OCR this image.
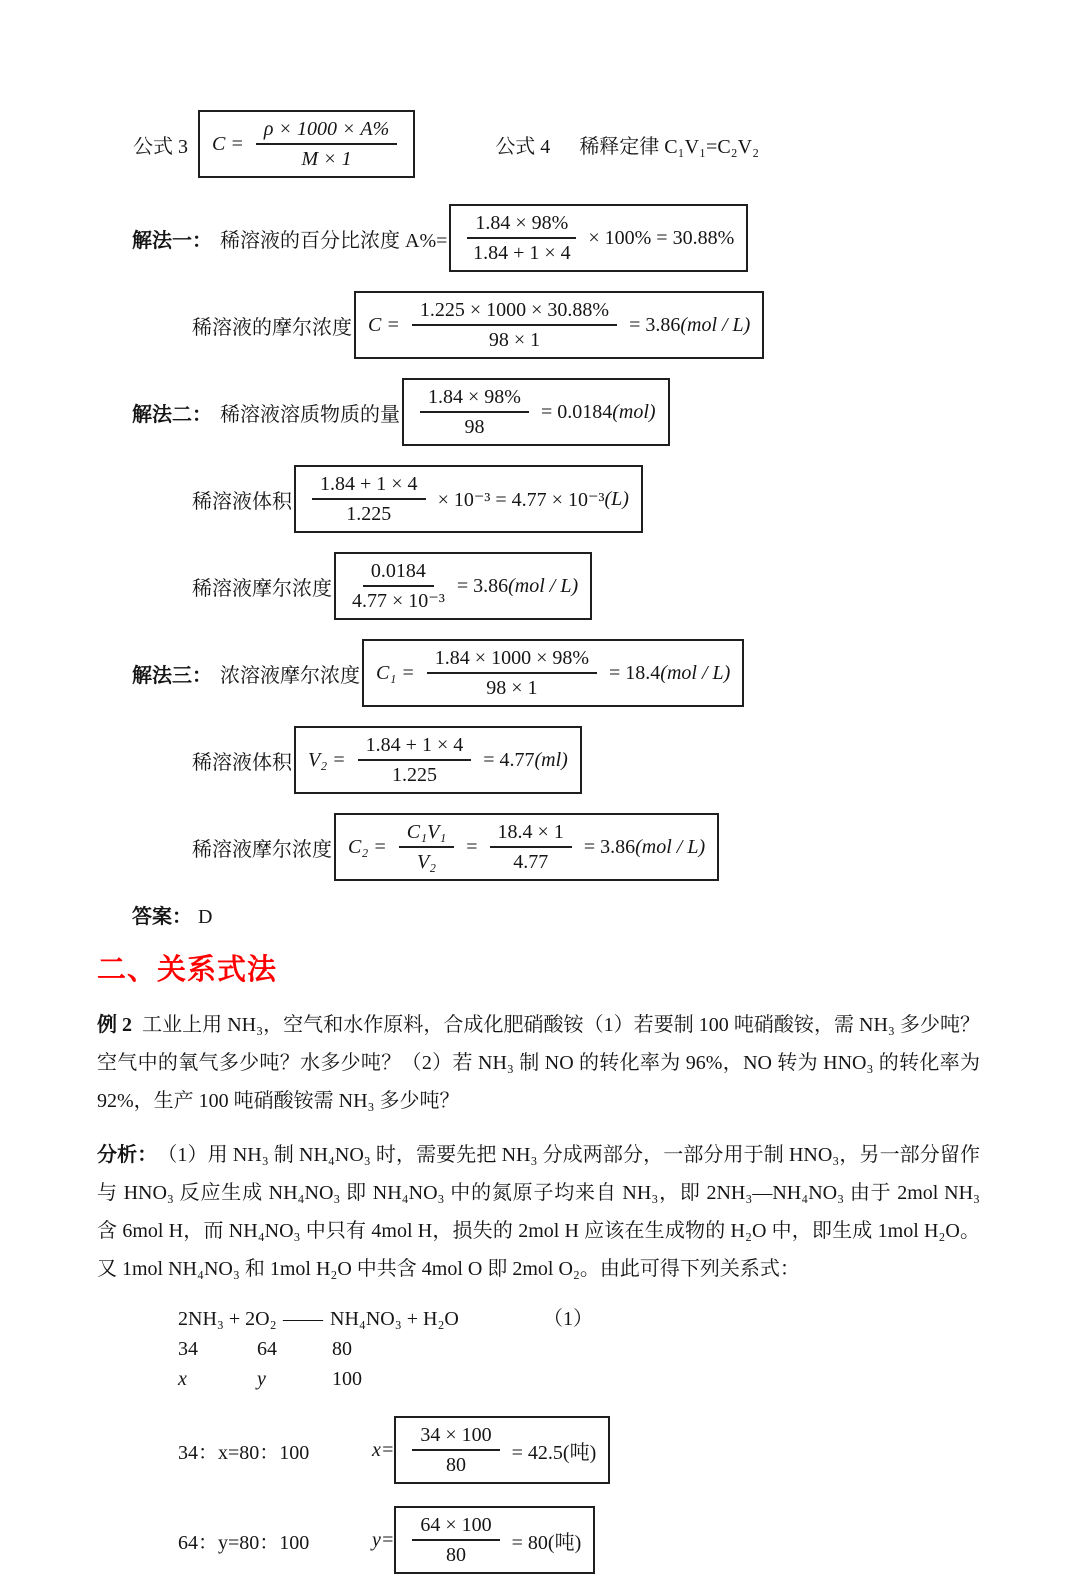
公式 3 $C = \frac{\rho \times 1000 \times A\%}{M \times 1}$	公式 4 稀释定律 C₁V₁=C₂V₂
解法一： 稀溶液的百分比浓度 $A\%= \frac{1.84 \times 98\%}{1.84 + 1 \times 4} \times 100\% = 30.88\%$
稀溶液的摩尔浓度 $C = \frac{1.225 \times 1000 \times 30.88\%}{98 \times 1} = 3.86$ (mol / L)
解法二： 稀溶液溶质物质的量 $\frac{1.84 \times 98\%}{98} = 0.0184$ (mol)
稀溶液体积 $\frac{1.84 + 1 \times 4}{1.225} \times 10^{-3} = 4.77 \times 10^{-3}$ (L)
稀溶液摩尔浓度 $\frac{0.0184}{\text{4.77 × 10⁻³}} = 3.86$ (mol / L)
解法三： 浓溶液摩尔浓度 $C_1 = \frac{1.84 \times 1000 \times 98\%}{98 \times 1} = 18.4$ (mol / L)
稀溶液体积 $V_2 = \frac{1.84 + 1 \times 4}{1.225} = 4.77$ (ml)
稀溶液摩尔浓度 $C_2 = \frac{\text{C₁V₁}}{\text{V₂}} = \frac{18.4 \times 1}{4.77} = 3.86$ (mol / L)

答案： D

二、关系式法

例 2 工业上用 NH₃，空气和水作原料，合成化肥硝酸铵（1）若要制 100 吨硝酸铵，需 NH₃ 多少吨？空气中的氧气多少吨？水多少吨？（2）若 NH₃ 制 NO 的转化率为 96%，NO 转为 HNO₃ 的转化率为 92%，生产 100 吨硝酸铵需 NH₃ 多少吨？

分析： （1）用 NH₃ 制 NH₄NO₃ 时，需要先把 NH₃ 分成两部分，一部分用于制 HNO₃，另一部分留作与 HNO₃ 反应生成 NH₄NO₃ 即 NH₄NO₃ 中的氮原子均来自 NH₃，即 2NH₃—NH₄NO₃ 由于 2mol NH₃ 含 6mol H，而 NH₄NO₃ 中只有 4mol H，损失的 2mol H 应该在生成物的 H₂O 中，即生成 1mol H₂O。又 1mol NH₄NO₃ 和 1mol H₂O 中共含 4mol O 即 2mol O₂。由此可得下列关系式：

2NH₃ + 2O₂ —— NH₄NO₃ + H₂O	（1）
34	64	80
x	y	100
34：x=80：100	$x= \frac{34 \times 100}{80} = 42.5$(吨)
64：y=80：100	$y= \frac{64 \times 100}{80} = 80$(吨)
